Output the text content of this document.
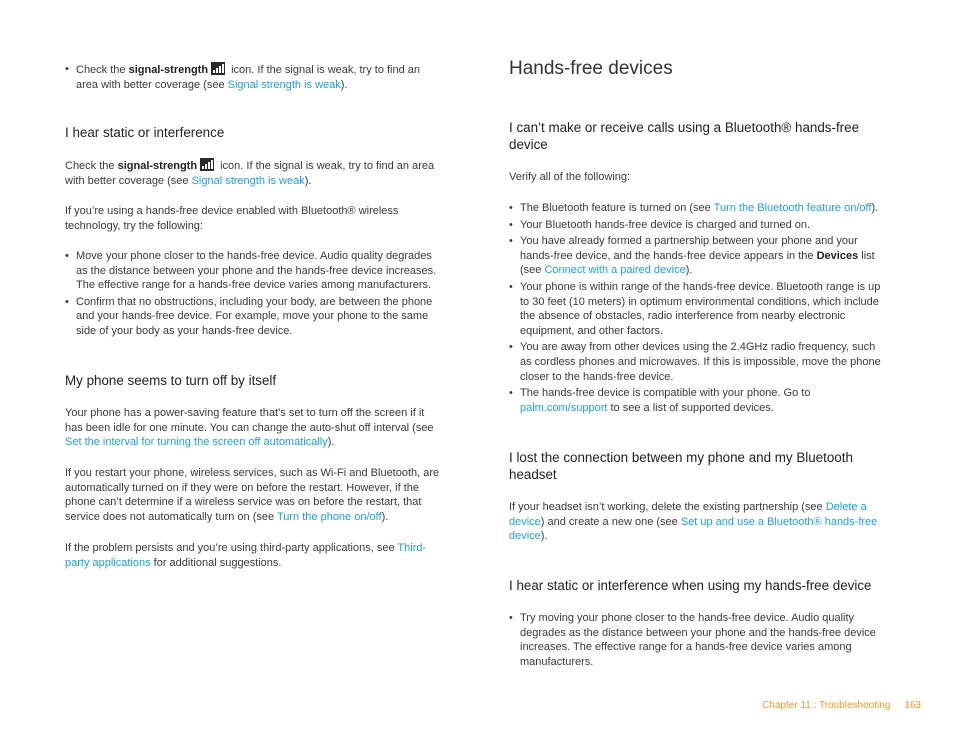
• Check the signal-strength
icon. If the signal is weak, try to find an area with better coverage (see Signal strength is weak).
I hear static or interference

Check the signal-strength
icon. If the signal is weak, try to find an area with better coverage (see Signal strength is weak).

If you’re using a hands-free device enabled with Bluetooth® wireless technology, try the following:

• Move your phone closer to the hands-free device. Audio quality degrades as the distance between your phone and the hands-free device increases. The effective range for a hands-free device varies among manufacturers.
• Confirm that no obstructions, including your body, are between the phone and your hands-free device. For example, move your phone to the same side of your body as your hands-free device.
My phone seems to turn off by itself

Your phone has a power-saving feature that’s set to turn off the screen if it has been idle for one minute. You can change the auto-shut off interval (see Set the interval for turning the screen off automatically).

If you restart your phone, wireless services, such as Wi-Fi and Bluetooth, are automatically turned on if they were on before the restart. However, if the phone can’t determine if a wireless service was on before the restart, that service does not automatically turn on (see Turn the phone on/off).

If the problem persists and you’re using third-party applications, see Third-party applications for additional suggestions.

Hands-free devices
I can’t make or receive calls using a Bluetooth® hands-free device

Verify all of the following:

• The Bluetooth feature is turned on (see Turn the Bluetooth feature on/off).
• Your Bluetooth hands-free device is charged and turned on.
• You have already formed a partnership between your phone and your hands-free device, and the hands-free device appears in the Devices list (see Connect with a paired device).
• Your phone is within range of the hands-free device. Bluetooth range is up to 30 feet (10 meters) in optimum environmental conditions, which include the absence of obstacles, radio interference from nearby electronic equipment, and other factors.
• You are away from other devices using the 2.4GHz radio frequency, such as cordless phones and microwaves. If this is impossible, move the phone closer to the hands-free device.
• The hands-free device is compatible with your phone. Go to palm.com/support to see a list of supported devices.
I lost the connection between my phone and my Bluetooth headset

If your headset isn’t working, delete the existing partnership (see Delete a device) and create a new one (see Set up and use a Bluetooth® hands-free device).

I hear static or interference when using my hands-free device
• Try moving your phone closer to the hands-free device. Audio quality degrades as the distance between your phone and the hands-free device increases. The effective range for a hands-free device varies among manufacturers.
Chapter 11 : Troubleshooting 163
